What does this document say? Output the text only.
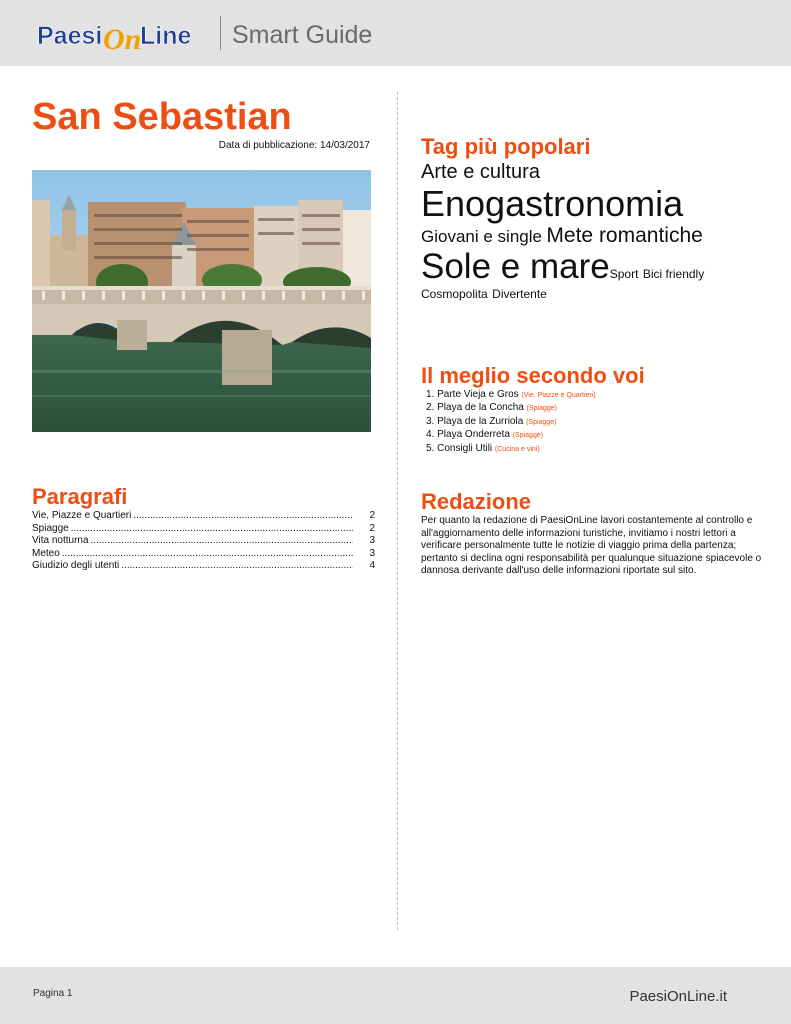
Paesi On
Line Smart Guide
San Sebastian
Data di pubblicazione: 14/03/2017
Paragrafi
Vie, Piazze e Quartieri .....	2
Spiagge .....	2
Vita notturna .....	3
Meteo .....	3
Giudizio degli utenti .....	4
Tag più popolari
Arte e cultura
Enogastronomia
Giovani e single Mete romantiche
Sole e mareSport Bici friendly
Cosmopolita Divertente
Il meglio secondo voi
1. Parte Vieja e Gros (Vie, Piazze e Quartieri)
2. Playa de la Concha (Spiagge)
3. Playa de la Zurriola (Spiagge)
4. Playa Onderreta (Spiagge)
5. Consigli Utili (Cucina e vini)
Redazione

Per quanto la redazione di PaesiOnLine lavori costantemente al controllo e all'aggiornamento delle informazioni turistiche, invitiamo i nostri lettori a verificare personalmente tutte le notizie di viaggio prima della partenza; pertanto si declina ogni responsabilità per qualunque situazione spiacevole o dannosa derivante dall'uso delle informazioni riportate sul sito.

Pagina 1	PaesiOnLine.it
